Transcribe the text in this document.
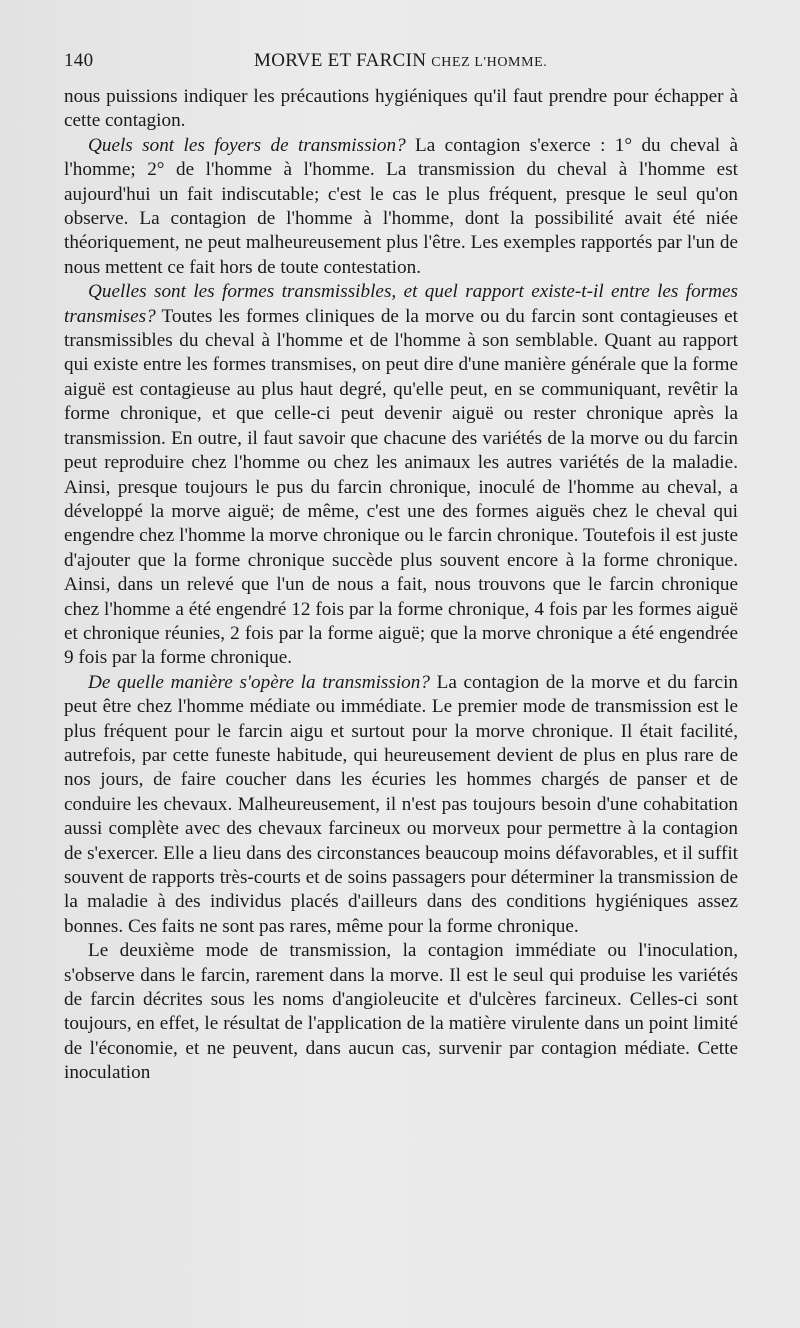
140	MORVE ET FARCIN CHEZ L'HOMME.

nous puissions indiquer les précautions hygiéniques qu'il faut prendre pour échapper à cette contagion.

Quels sont les foyers de transmission? La contagion s'exerce : 1° du cheval à l'homme; 2° de l'homme à l'homme. La transmission du cheval à l'homme est aujourd'hui un fait indiscutable; c'est le cas le plus fréquent, presque le seul qu'on observe. La contagion de l'homme à l'homme, dont la possibilité avait été niée théoriquement, ne peut malheureusement plus l'être. Les exemples rapportés par l'un de nous mettent ce fait hors de toute contestation.

Quelles sont les formes transmissibles, et quel rapport existe-t-il entre les formes transmises? Toutes les formes cliniques de la morve ou du farcin sont contagieuses et transmissibles du cheval à l'homme et de l'homme à son semblable. Quant au rapport qui existe entre les formes transmises, on peut dire d'une manière générale que la forme aiguë est contagieuse au plus haut degré, qu'elle peut, en se communiquant, revêtir la forme chronique, et que celle-ci peut devenir aiguë ou rester chronique après la transmission. En outre, il faut savoir que chacune des variétés de la morve ou du farcin peut reproduire chez l'homme ou chez les animaux les autres variétés de la maladie. Ainsi, presque toujours le pus du farcin chronique, inoculé de l'homme au cheval, a développé la morve aiguë; de même, c'est une des formes aiguës chez le cheval qui engendre chez l'homme la morve chronique ou le farcin chronique. Toutefois il est juste d'ajouter que la forme chronique succède plus souvent encore à la forme chronique. Ainsi, dans un relevé que l'un de nous a fait, nous trouvons que le farcin chronique chez l'homme a été engendré 12 fois par la forme chronique, 4 fois par les formes aiguë et chronique réunies, 2 fois par la forme aiguë; que la morve chronique a été engendrée 9 fois par la forme chronique.

De quelle manière s'opère la transmission? La contagion de la morve et du farcin peut être chez l'homme médiate ou immédiate. Le premier mode de transmission est le plus fréquent pour le farcin aigu et surtout pour la morve chronique. Il était facilité, autrefois, par cette funeste habitude, qui heureusement devient de plus en plus rare de nos jours, de faire coucher dans les écuries les hommes chargés de panser et de conduire les chevaux. Malheureusement, il n'est pas toujours besoin d'une cohabitation aussi complète avec des chevaux farcineux ou morveux pour permettre à la contagion de s'exercer. Elle a lieu dans des circonstances beaucoup moins défavorables, et il suffit souvent de rapports très-courts et de soins passagers pour déterminer la transmission de la maladie à des individus placés d'ailleurs dans des conditions hygiéniques assez bonnes. Ces faits ne sont pas rares, même pour la forme chronique.

Le deuxième mode de transmission, la contagion immédiate ou l'inoculation, s'observe dans le farcin, rarement dans la morve. Il est le seul qui produise les variétés de farcin décrites sous les noms d'angioleucite et d'ulcères farcineux. Celles-ci sont toujours, en effet, le résultat de l'application de la matière virulente dans un point limité de l'économie, et ne peuvent, dans aucun cas, survenir par contagion médiate. Cette inoculation
